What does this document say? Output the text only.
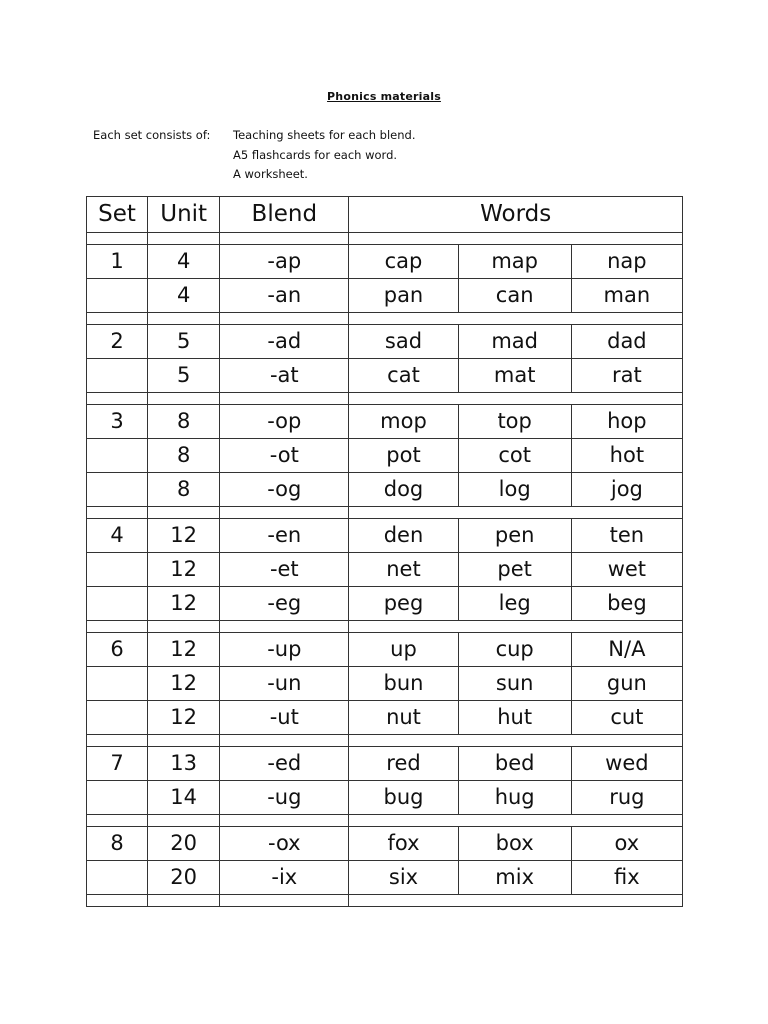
Phonics materials
Each set consists of:	Teaching sheets for each blend.
A5 flashcards for each word.
A worksheet.
Set	Unit	Blend	Words		

1	4	-ap	cap	map	nap
	4	-an	pan	can	man

2	5	-ad	sad	mad	dad
	5	-at	cat	mat	rat

3	8	-op	mop	top	hop
	8	-ot	pot	cot	hot
	8	-og	dog	log	jog

4	12	-en	den	pen	ten
	12	-et	net	pet	wet
	12	-eg	peg	leg	beg

6	12	-up	up	cup	N/A
	12	-un	bun	sun	gun
	12	-ut	nut	hut	cut

7	13	-ed	red	bed	wed
	14	-ug	bug	hug	rug

8	20	-ox	fox	box	ox
	20	-ix	six	mix	fix
